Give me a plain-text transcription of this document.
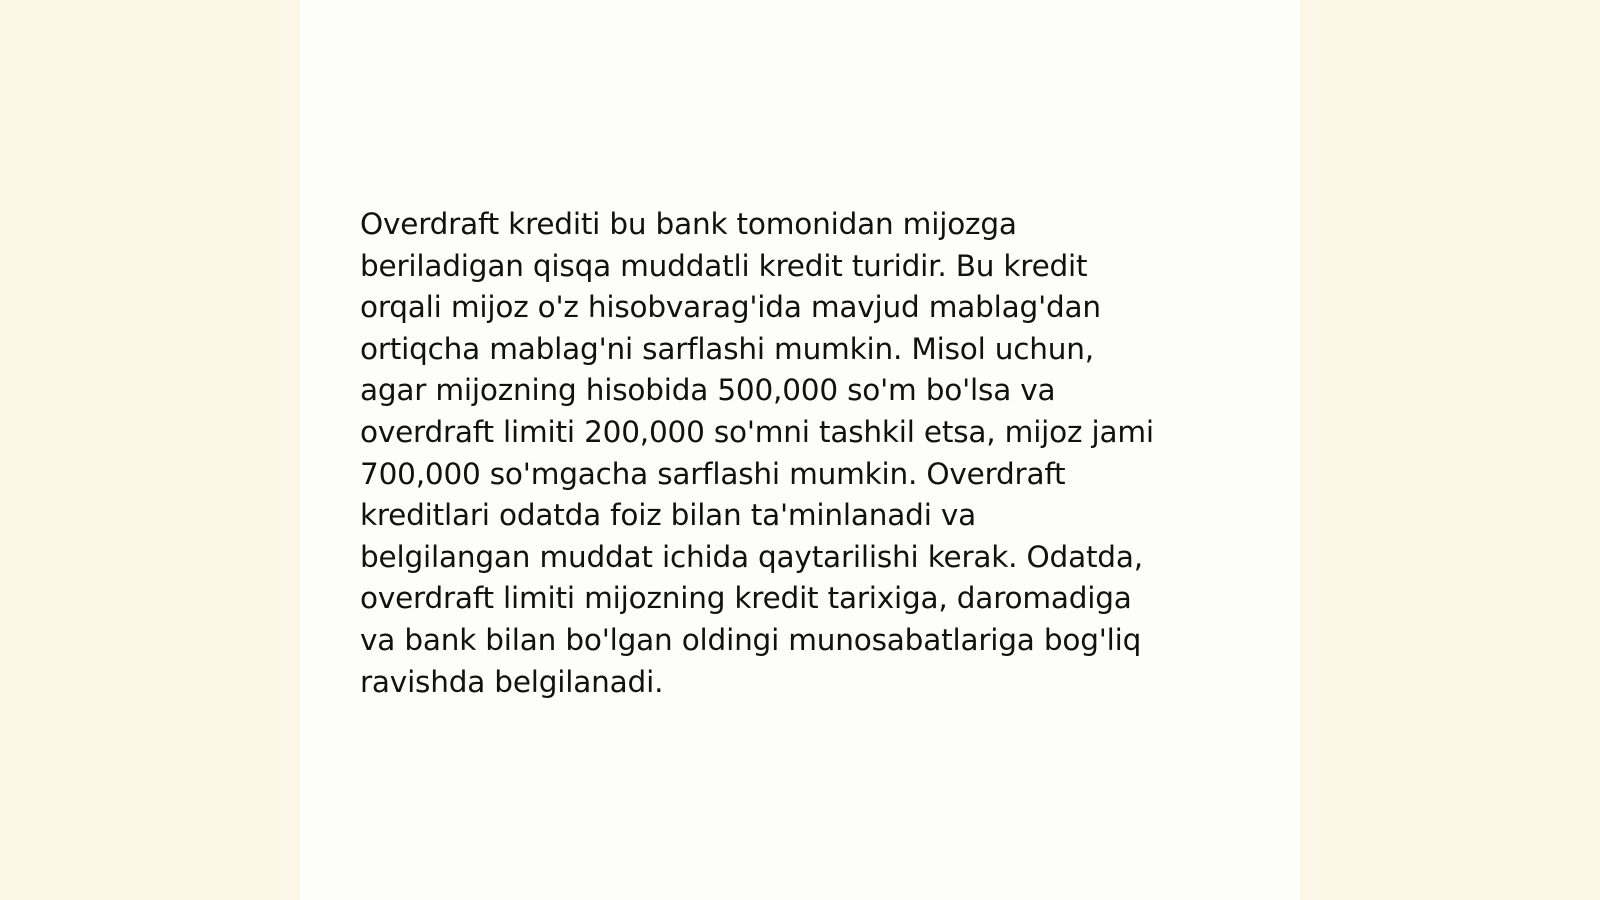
Overdraft krediti bu bank tomonidan mijozga
beriladigan qisqa muddatli kredit turidir. Bu kredit
orqali mijoz o'z hisobvarag'ida mavjud mablag'dan
ortiqcha mablag'ni sarflashi mumkin. Misol uchun,
agar mijozning hisobida 500,000 so'm bo'lsa va
overdraft limiti 200,000 so'mni tashkil etsa, mijoz jami
700,000 so'mgacha sarflashi mumkin. Overdraft
kreditlari odatda foiz bilan ta'minlanadi va
belgilangan muddat ichida qaytarilishi kerak. Odatda,
overdraft limiti mijozning kredit tarixiga, daromadiga
va bank bilan bo'lgan oldingi munosabatlariga bog'liq
ravishda belgilanadi.
